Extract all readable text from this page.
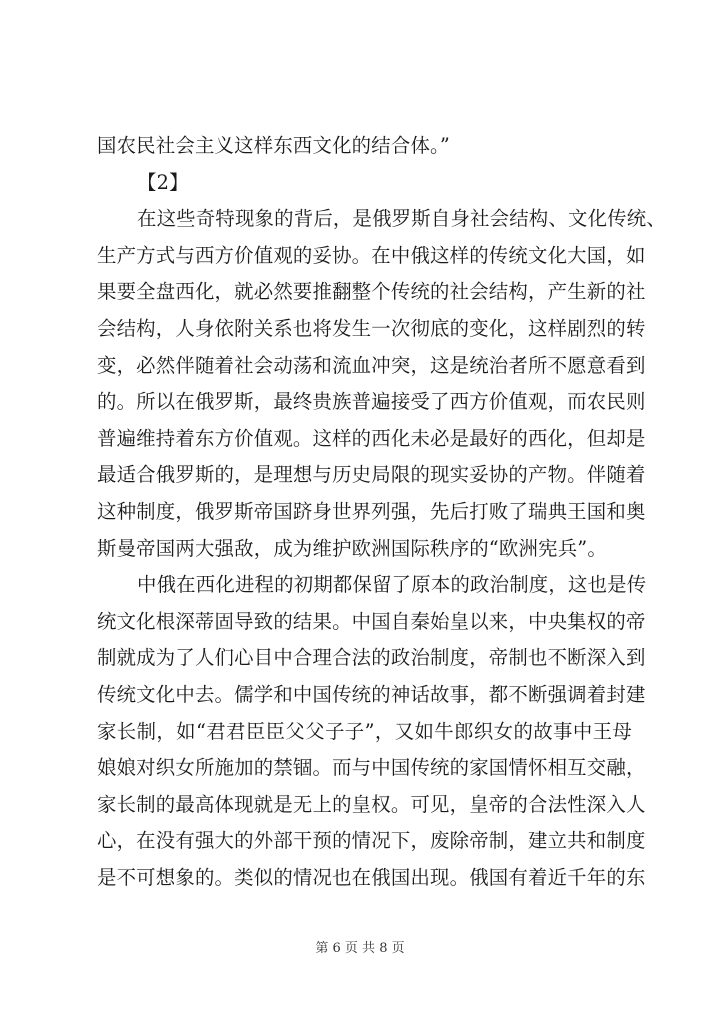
国农民社会主义这样东西文化的结合体。”
【2】
在这些奇特现象的背后，是俄罗斯自身社会结构、文化传统、
生产方式与西方价值观的妥协。在中俄这样的传统文化大国，如
果要全盘西化，就必然要推翻整个传统的社会结构，产生新的社
会结构，人身依附关系也将发生一次彻底的变化，这样剧烈的转
变，必然伴随着社会动荡和流血冲突，这是统治者所不愿意看到
的。所以在俄罗斯，最终贵族普遍接受了西方价值观，而农民则
普遍维持着东方价值观。这样的西化未必是最好的西化，但却是
最适合俄罗斯的，是理想与历史局限的现实妥协的产物。伴随着
这种制度，俄罗斯帝国跻身世界列强，先后打败了瑞典王国和奥
斯曼帝国两大强敌，成为维护欧洲国际秩序的“欧洲宪兵”。
中俄在西化进程的初期都保留了原本的政治制度，这也是传
统文化根深蒂固导致的结果。中国自秦始皇以来，中央集权的帝
制就成为了人们心目中合理合法的政治制度，帝制也不断深入到
传统文化中去。儒学和中国传统的神话故事，都不断强调着封建
家长制，如“君君臣臣父父子子”，又如牛郎织女的故事中王母
娘娘对织女所施加的禁锢。而与中国传统的家国情怀相互交融，
家长制的最高体现就是无上的皇权。可见，皇帝的合法性深入人
心，在没有强大的外部干预的情况下，废除帝制，建立共和制度
是不可想象的。类似的情况也在俄国出现。俄国有着近千年的东
第 6 页 共 8 页
